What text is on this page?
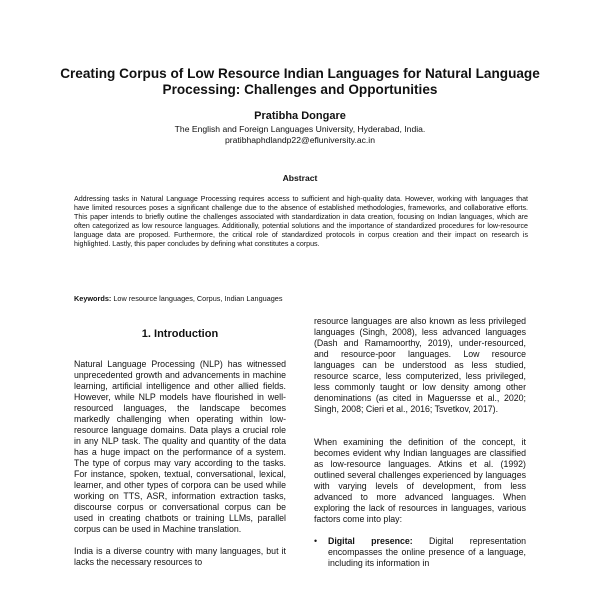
Creating Corpus of Low Resource Indian Languages for Natural Language Processing: Challenges and Opportunities
Pratibha Dongare
The English and Foreign Languages University, Hyderabad, India.
pratibhaphdlandp22@efluniversity.ac.in
Abstract
Addressing tasks in Natural Language Processing requires access to sufficient and high-quality data. However, working with languages that have limited resources poses a significant challenge due to the absence of established methodologies, frameworks, and collaborative efforts. This paper intends to briefly outline the challenges associated with standardization in data creation, focusing on Indian languages, which are often categorized as low resource languages. Additionally, potential solutions and the importance of standardized procedures for low-resource language data are proposed. Furthermore, the critical role of standardized protocols in corpus creation and their impact on research is highlighted. Lastly, this paper concludes by defining what constitutes a corpus.
Keywords: Low resource languages, Corpus, Indian Languages
1. Introduction

Natural Language Processing (NLP) has witnessed unprecedented growth and advancements in machine learning, artificial intelligence and other allied fields. However, while NLP models have flourished in well-resourced languages, the landscape becomes markedly challenging when operating within low-resource language domains. Data plays a crucial role in any NLP task. The quality and quantity of the data has a huge impact on the performance of a system. The type of corpus may vary according to the tasks. For instance, spoken, textual, conversational, lexical, learner, and other types of corpora can be used while working on TTS, ASR, information extraction tasks, discourse corpus or conversational corpus can be used in creating chatbots or training LLMs, parallel corpus can be used in Machine translation.

India is a diverse country with many languages, but it lacks the necessary resources to

resource languages are also known as less privileged languages (Singh, 2008), less advanced languages (Dash and Ramamoorthy, 2019), under-resourced, and resource-poor languages. Low resource languages can be understood as less studied, resource scarce, less computerized, less privileged, less commonly taught or low density among other denominations (as cited in Maguersse et al., 2020; Singh, 2008; Cieri et al., 2016; Tsvetkov, 2017).

When examining the definition of the concept, it becomes evident why Indian languages are classified as low-resource languages. Atkins et al. (1992) outlined several challenges experienced by languages with varying levels of development, from less advanced to more advanced languages. When exploring the lack of resources in languages, various factors come into play:

•	Digital presence: Digital representation encompasses the online presence of a language, including its information in
